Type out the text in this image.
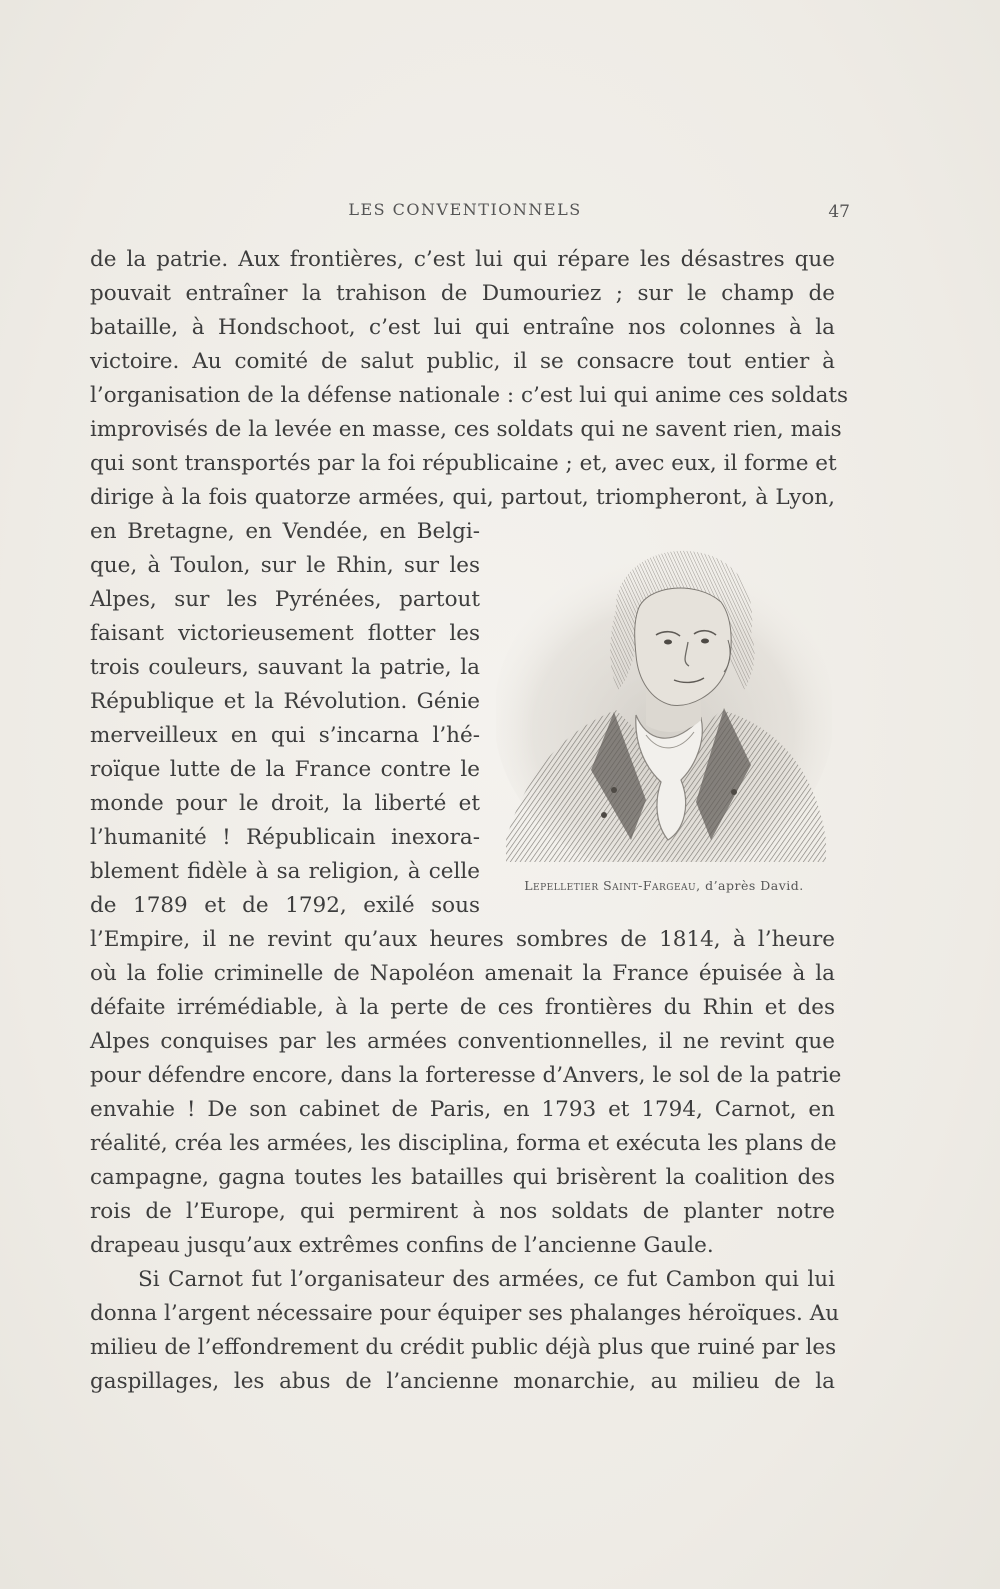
LES CONVENTIONNELS	47

de la patrie. Aux frontières, c’est lui qui répare les désastres que

pouvait entraîner la trahison de Dumouriez ; sur le champ de

bataille, à Hondschoot, c’est lui qui entraîne nos colonnes à la

victoire. Au comité de salut public, il se consacre tout entier à

l’organisation de la défense nationale : c’est lui qui anime ces soldats

improvisés de la levée en masse, ces soldats qui ne savent rien, mais

qui sont transportés par la foi républicaine ; et, avec eux, il forme et

dirige à la fois quatorze armées, qui, partout, triompheront, à Lyon,

en Bretagne, en Vendée, en Belgi-

que, à Toulon, sur le Rhin, sur les

Alpes, sur les Pyrénées, partout

faisant victorieusement flotter les

trois couleurs, sauvant la patrie, la

République et la Révolution. Génie

merveilleux en qui s’incarna l’hé-

roïque lutte de la France contre le

monde pour le droit, la liberté et

l’humanité ! Républicain inexora-

blement fidèle à sa religion, à celle

de 1789 et de 1792, exilé sous

Lepelletier Saint-Fargeau, d’après David.

l’Empire, il ne revint qu’aux heures sombres de 1814, à l’heure

où la folie criminelle de Napoléon amenait la France épuisée à la

défaite irrémédiable, à la perte de ces frontières du Rhin et des

Alpes conquises par les armées conventionnelles, il ne revint que

pour défendre encore, dans la forteresse d’Anvers, le sol de la patrie

envahie ! De son cabinet de Paris, en 1793 et 1794, Carnot, en

réalité, créa les armées, les disciplina, forma et exécuta les plans de

campagne, gagna toutes les batailles qui brisèrent la coalition des

rois de l’Europe, qui permirent à nos soldats de planter notre

drapeau jusqu’aux extrêmes confins de l’ancienne Gaule.

Si Carnot fut l’organisateur des armées, ce fut Cambon qui lui

donna l’argent nécessaire pour équiper ses phalanges héroïques. Au

milieu de l’effondrement du crédit public déjà plus que ruiné par les

gaspillages, les abus de l’ancienne monarchie, au milieu de la
